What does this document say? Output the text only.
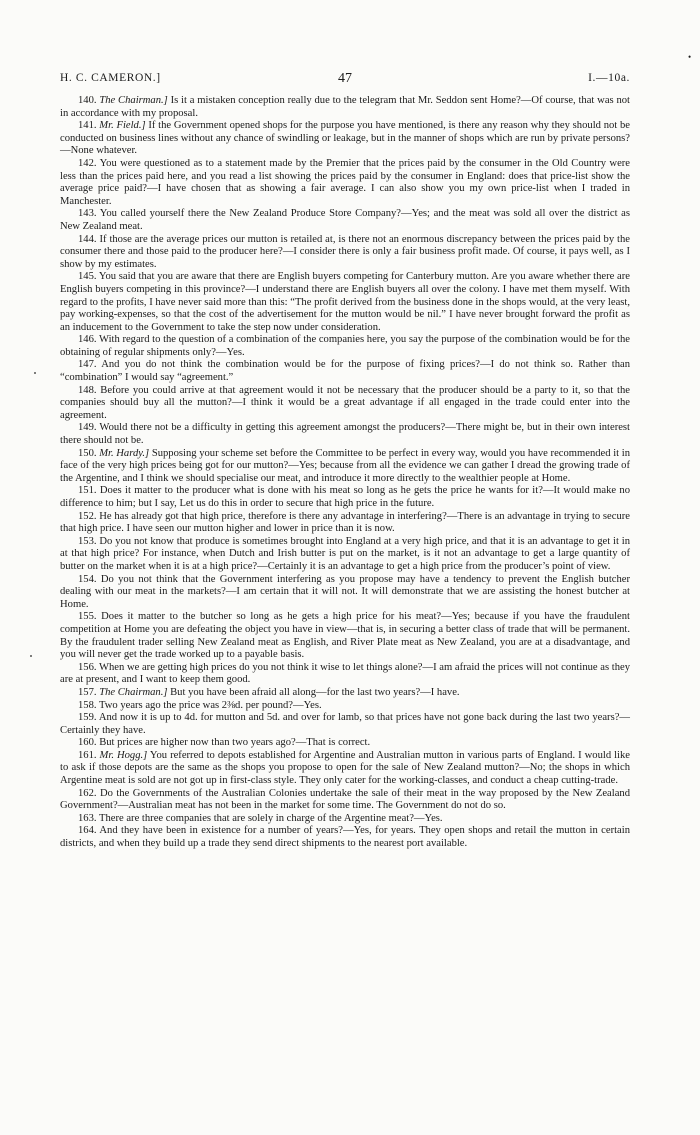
•
H. C. CAMERON.]	47	I.—10a.

140. The Chairman.] Is it a mistaken conception really due to the telegram that Mr. Seddon sent Home?—Of course, that was not in accordance with my proposal.

141. Mr. Field.] If the Government opened shops for the purpose you have mentioned, is there any reason why they should not be conducted on business lines without any chance of swindling or leakage, but in the manner of shops which are run by private persons?—None whatever.

142. You were questioned as to a statement made by the Premier that the prices paid by the consumer in the Old Country were less than the prices paid here, and you read a list showing the prices paid by the consumer in England: does that price-list show the average price paid?—I have chosen that as showing a fair average. I can also show you my own price-list when I traded in Manchester.

143. You called yourself there the New Zealand Produce Store Company?—Yes; and the meat was sold all over the district as New Zealand meat.

144. If those are the average prices our mutton is retailed at, is there not an enormous discrepancy between the prices paid by the consumer there and those paid to the producer here?—I consider there is only a fair business profit made. Of course, it pays well, as I show by my estimates.

145. You said that you are aware that there are English buyers competing for Canterbury mutton. Are you aware whether there are English buyers competing in this province?—I understand there are English buyers all over the colony. I have met them myself. With regard to the profits, I have never said more than this: “The profit derived from the business done in the shops would, at the very least, pay working-expenses, so that the cost of the advertisement for the mutton would be nil.” I have never brought forward the profit as an inducement to the Government to take the step now under consideration.

146. With regard to the question of a combination of the companies here, you say the purpose of the combination would be for the obtaining of regular shipments only?—Yes.

147. And you do not think the combination would be for the purpose of fixing prices?—I do not think so. Rather than “combination” I would say “agreement.”

148. Before you could arrive at that agreement would it not be necessary that the producer should be a party to it, so that the companies should buy all the mutton?—I think it would be a great advantage if all engaged in the trade could enter into the agreement.

149. Would there not be a difficulty in getting this agreement amongst the producers?—There might be, but in their own interest there should not be.

150. Mr. Hardy.] Supposing your scheme set before the Committee to be perfect in every way, would you have recommended it in face of the very high prices being got for our mutton?—Yes; because from all the evidence we can gather I dread the growing trade of the Argentine, and I think we should specialise our meat, and introduce it more directly to the wealthier people at Home.

151. Does it matter to the producer what is done with his meat so long as he gets the price he wants for it?—It would make no difference to him; but I say, Let us do this in order to secure that high price in the future.

152. He has already got that high price, therefore is there any advantage in interfering?—There is an advantage in trying to secure that high price. I have seen our mutton higher and lower in price than it is now.

153. Do you not know that produce is sometimes brought into England at a very high price, and that it is an advantage to get it in at that high price? For instance, when Dutch and Irish butter is put on the market, is it not an advantage to get a large quantity of butter on the market when it is at a high price?—Certainly it is an advantage to get a high price from the producer’s point of view.

154. Do you not think that the Government interfering as you propose may have a tendency to prevent the English butcher dealing with our meat in the markets?—I am certain that it will not. It will demonstrate that we are assisting the honest butcher at Home.

155. Does it matter to the butcher so long as he gets a high price for his meat?—Yes; because if you have the fraudulent competition at Home you are defeating the object you have in view—that is, in securing a better class of trade that will be permanent. By the fraudulent trader selling New Zealand meat as English, and River Plate meat as New Zealand, you are at a disadvantage, and you will never get the trade worked up to a payable basis.

156. When we are getting high prices do you not think it wise to let things alone?—I am afraid the prices will not continue as they are at present, and I want to keep them good.

157. The Chairman.] But you have been afraid all along—for the last two years?—I have.

158. Two years ago the price was 2⅜d. per pound?—Yes.

159. And now it is up to 4d. for mutton and 5d. and over for lamb, so that prices have not gone back during the last two years?—Certainly they have.

160. But prices are higher now than two years ago?—That is correct.

161. Mr. Hogg.] You referred to depots established for Argentine and Australian mutton in various parts of England. I would like to ask if those depots are the same as the shops you propose to open for the sale of New Zealand mutton?—No; the shops in which Argentine meat is sold are not got up in first-class style. They only cater for the working-classes, and conduct a cheap cutting-trade.

162. Do the Governments of the Australian Colonies undertake the sale of their meat in the way proposed by the New Zealand Government?—Australian meat has not been in the market for some time. The Government do not do so.

163. There are three companies that are solely in charge of the Argentine meat?—Yes.

164. And they have been in existence for a number of years?—Yes, for years. They open shops and retail the mutton in certain districts, and when they build up a trade they send direct shipments to the nearest port available.
